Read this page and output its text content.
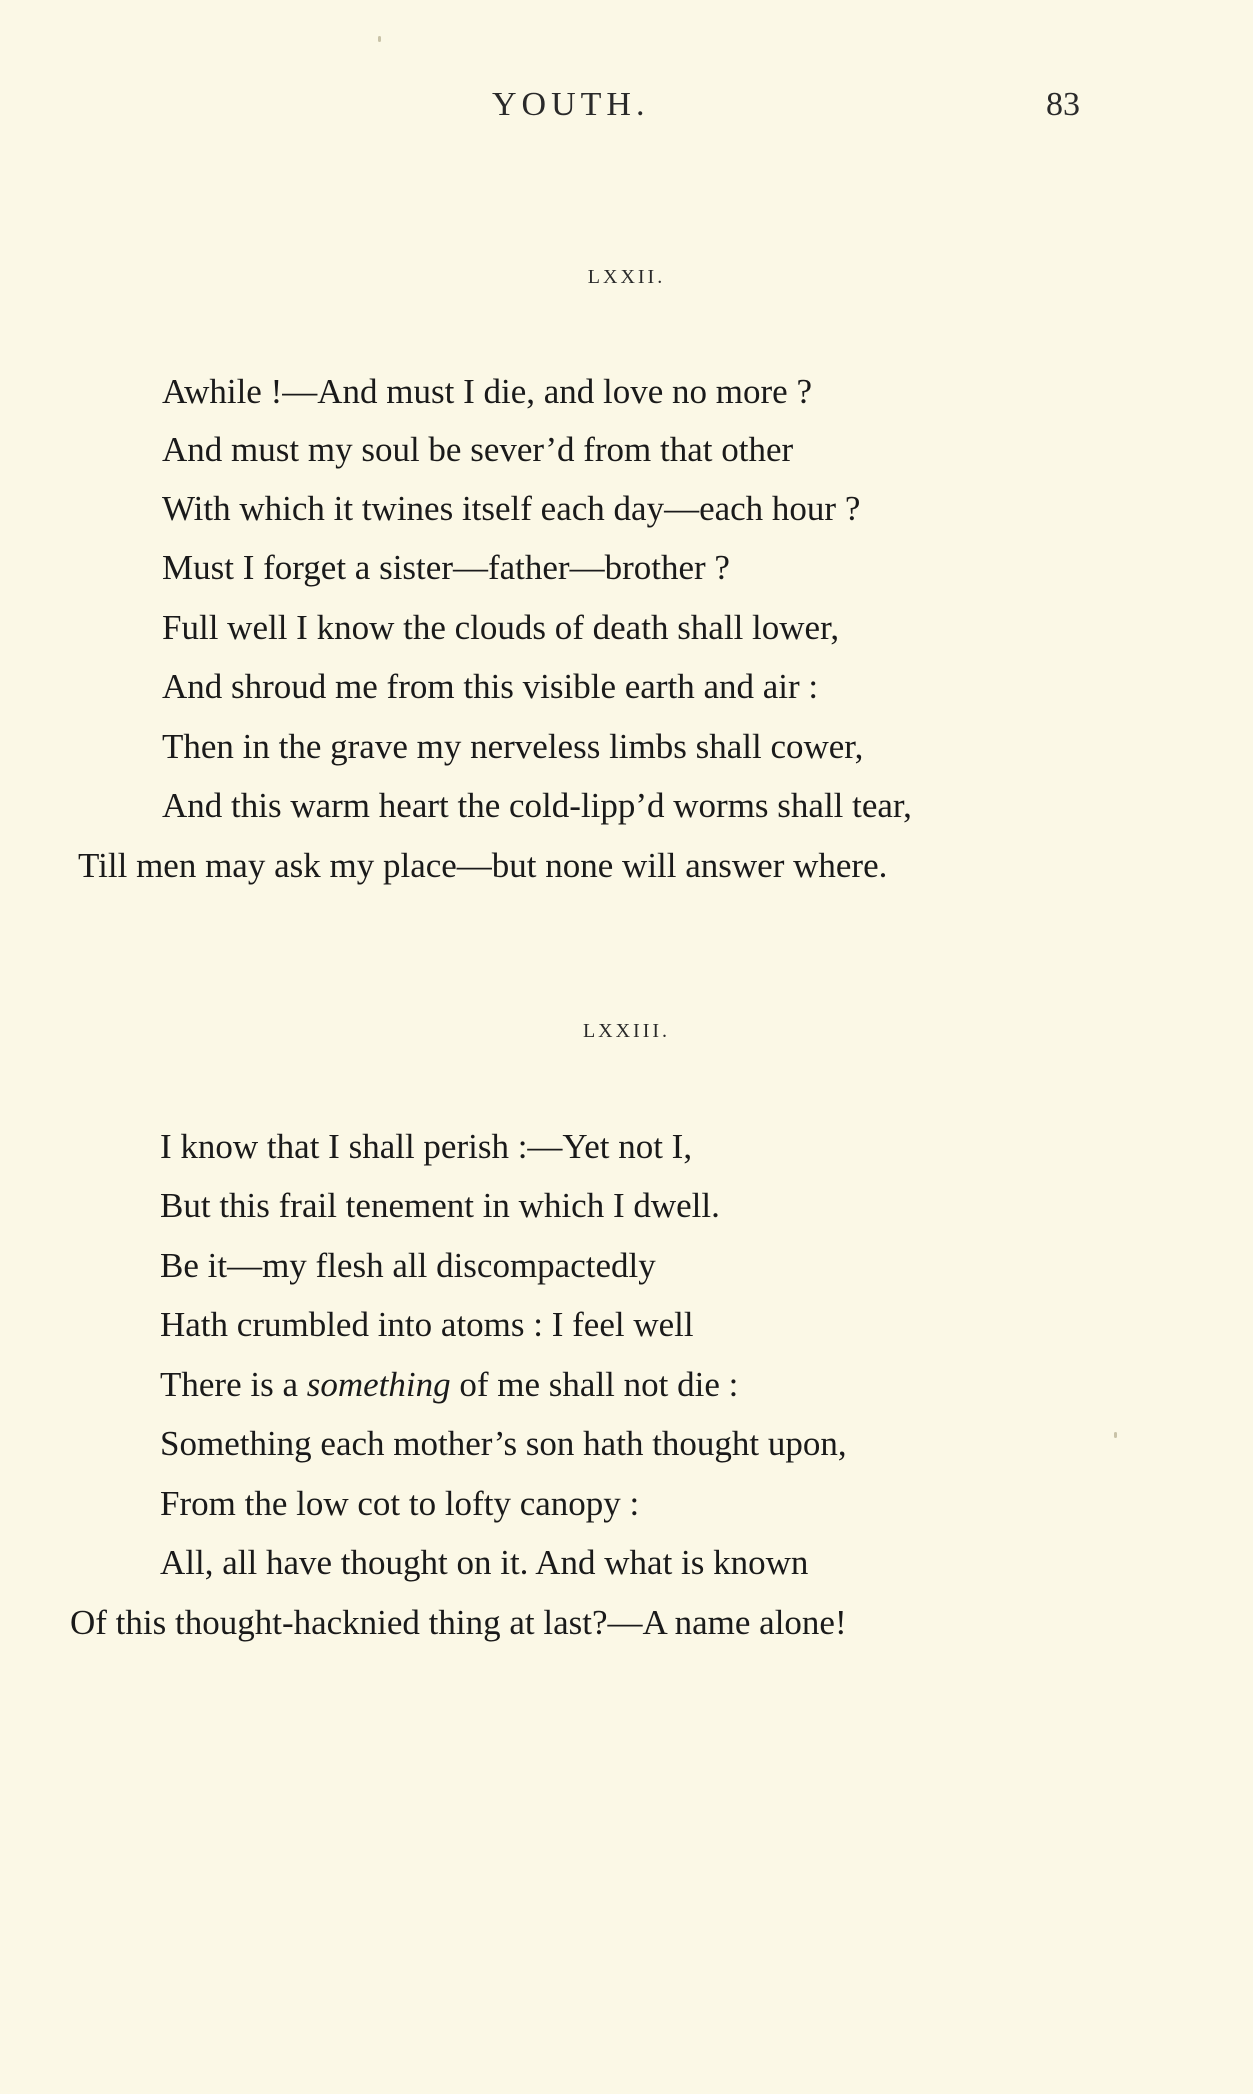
YOUTH.	83
LXXII.
Awhile !—And must I die, and love no more ?
And must my soul be sever’d from that other
With which it twines itself each day—each hour ?
Must I forget a sister—father—brother ?
Full well I know the clouds of death shall lower,
And shroud me from this visible earth and air :
Then in the grave my nerveless limbs shall cower,
And this warm heart the cold-lipp’d worms shall tear,
Till men may ask my place—but none will answer where.
LXXIII.
I know that I shall perish :—Yet not I,
But this frail tenement in which I dwell.
Be it—my flesh all discompactedly
Hath crumbled into atoms : I feel well
There is a something of me shall not die :
Something each mother’s son hath thought upon,
From the low cot to lofty canopy :
All, all have thought on it. And what is known
Of this thought-hacknied thing at last?—A name alone!
